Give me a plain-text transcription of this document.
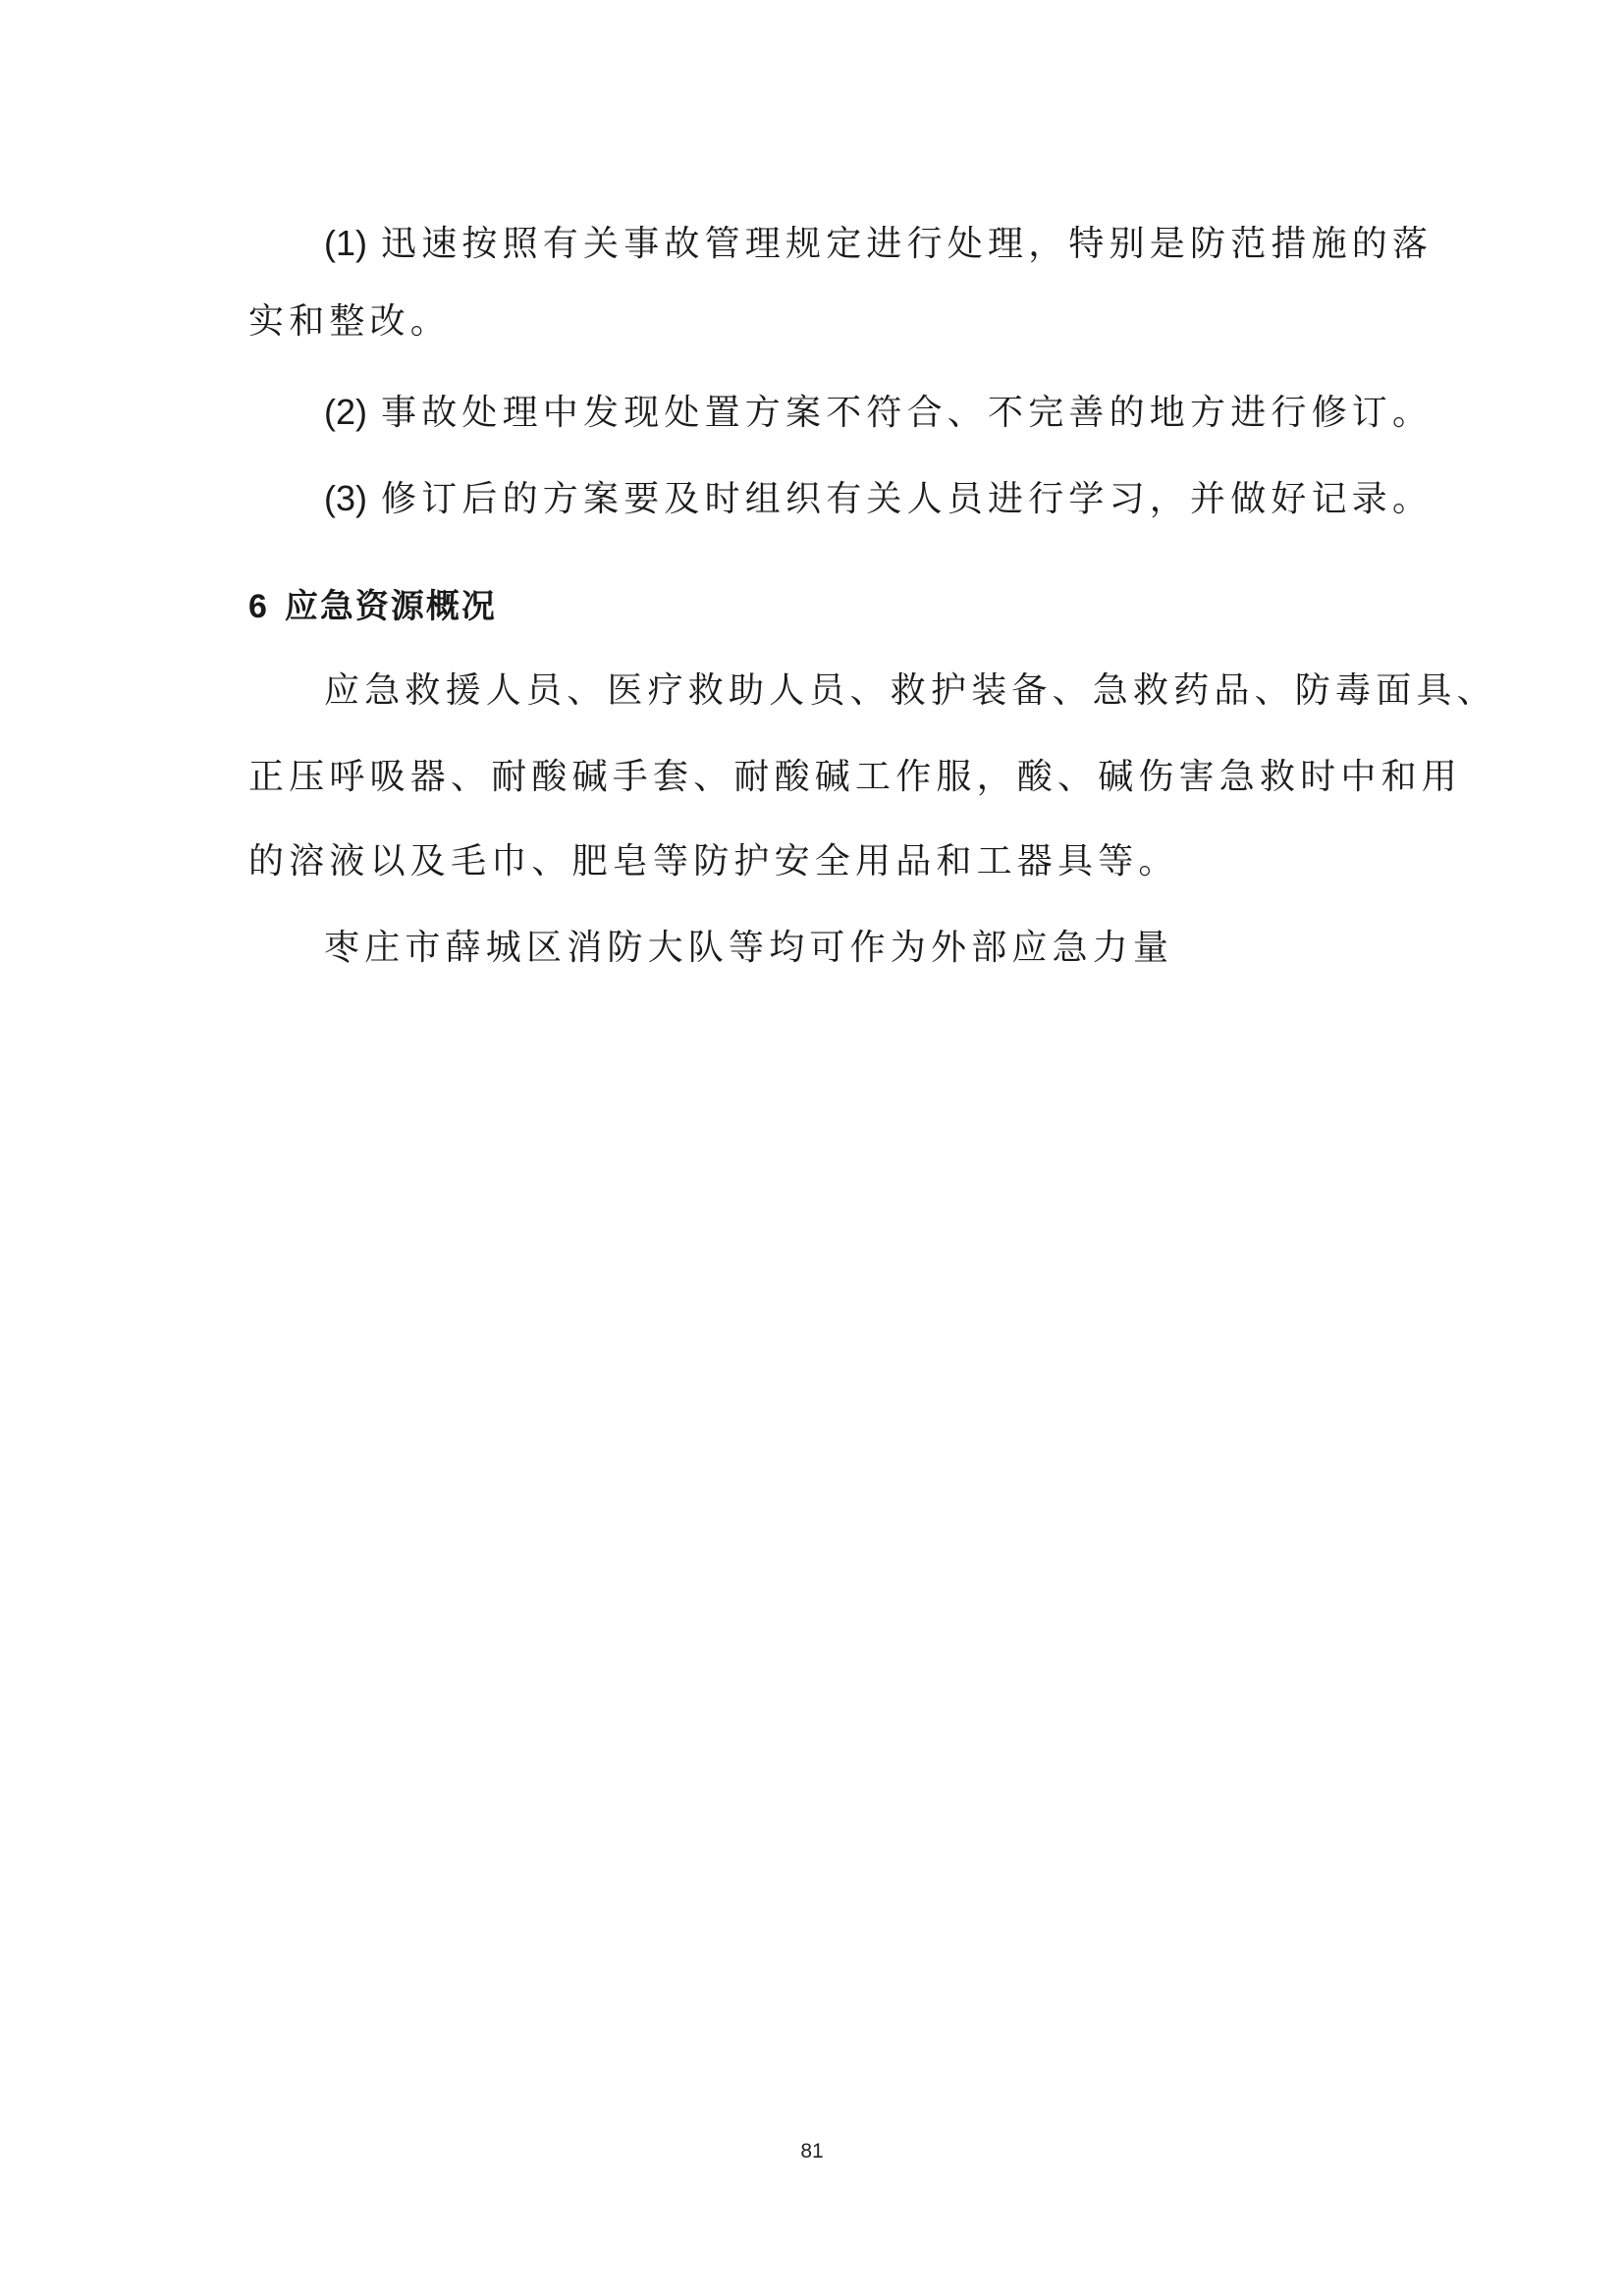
(1) 迅速按照有关事故管理规定进行处理，特别是防范措施的落
实和整改。
(2) 事故处理中发现处置方案不符合、不完善的地方进行修订。
(3) 修订后的方案要及时组织有关人员进行学习，并做好记录。
6 应急资源概况
应急救援人员、医疗救助人员、救护装备、急救药品、防毒面具、
正压呼吸器、耐酸碱手套、耐酸碱工作服，酸、碱伤害急救时中和用
的溶液以及毛巾、肥皂等防护安全用品和工器具等。
枣庄市薛城区消防大队等均可作为外部应急力量
81
